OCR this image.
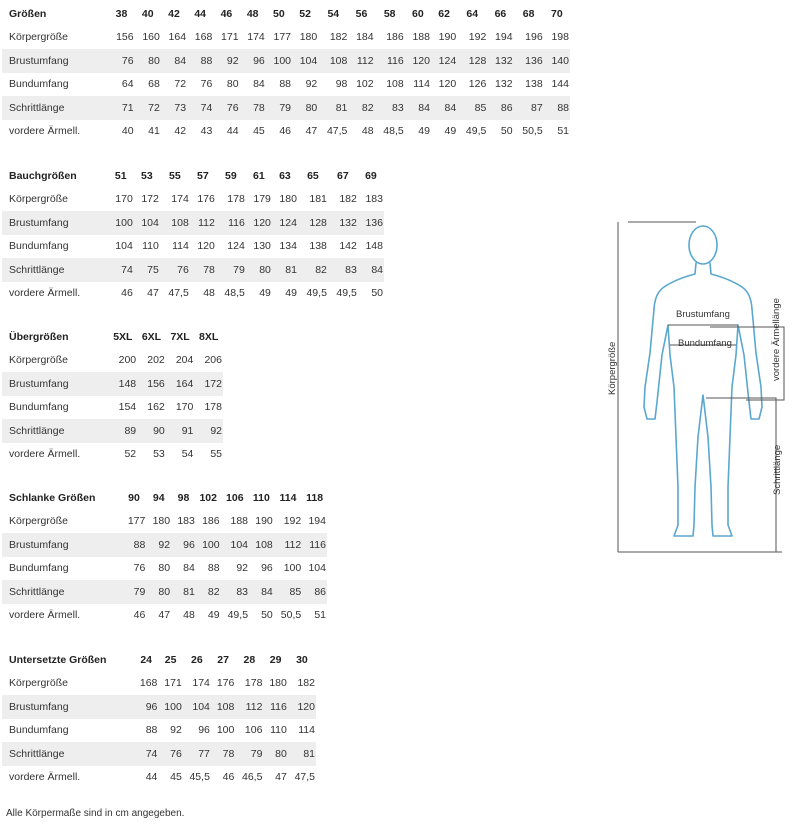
Größen	38	40	42	44	46	48	50	52	54	56	58	60	62	64	66	68	70
Körpergröße	156	160	164	168	171	174	177	180	182	184	186	188	190	192	194	196	198
Brustumfang	76	80	84	88	92	96	100	104	108	112	116	120	124	128	132	136	140
Bundumfang	64	68	72	76	80	84	88	92	98	102	108	114	120	126	132	138	144
Schrittlänge	71	72	73	74	76	78	79	80	81	82	83	84	84	85	86	87	88
vordere Ärmell.	40	41	42	43	44	45	46	47	47,5	48	48,5	49	49	49,5	50	50,5	51
Bauchgrößen	51	53	55	57	59	61	63	65	67	69
Körpergröße	170	172	174	176	178	179	180	181	182	183
Brustumfang	100	104	108	112	116	120	124	128	132	136
Bundumfang	104	110	114	120	124	130	134	138	142	148
Schrittlänge	74	75	76	78	79	80	81	82	83	84
vordere Ärmell.	46	47	47,5	48	48,5	49	49	49,5	49,5	50
Übergrößen	5XL	6XL	7XL	8XL
Körpergröße	200	202	204	206
Brustumfang	148	156	164	172
Bundumfang	154	162	170	178
Schrittlänge	89	90	91	92
vordere Ärmell.	52	53	54	55
Schlanke Größen	90	94	98	102	106	110	114	118
Körpergröße	177	180	183	186	188	190	192	194
Brustumfang	88	92	96	100	104	108	112	116
Bundumfang	76	80	84	88	92	96	100	104
Schrittlänge	79	80	81	82	83	84	85	86
vordere Ärmell.	46	47	48	49	49,5	50	50,5	51
Untersetzte Größen	24	25	26	27	28	29	30
Körpergröße	168	171	174	176	178	180	182
Brustumfang	96	100	104	108	112	116	120
Bundumfang	88	92	96	100	106	110	114
Schrittlänge	74	76	77	78	79	80	81
vordere Ärmell.	44	45	45,5	46	46,5	47	47,5
Brustumfang
Bundumfang
Körpergröße	vordere Ärmellänge
Schrittlänge
Alle Körpermaße sind in cm angegeben.
